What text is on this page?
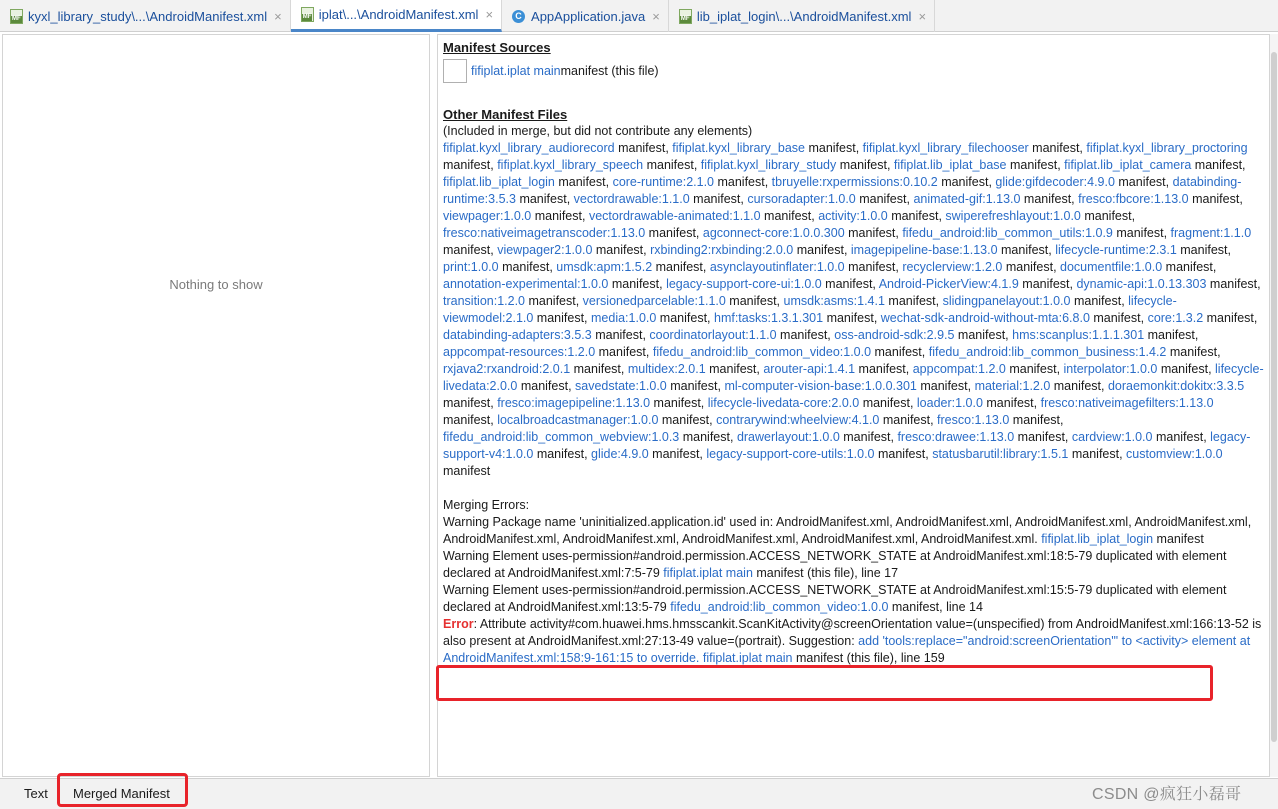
MF
kyxl_library_study\...\AndroidManifest.xml × MF	iplat\...\AndroidManifest.xml ×	C AppApplication.java × MF	lib_iplat_login\...\AndroidManifest.xml ×
Nothing to show
Manifest Sources
fifiplat.iplat main manifest (this file)
Other Manifest Files
(Included in merge, but did not contribute any elements)
fifiplat.kyxl_library_audiorecord manifest, fifiplat.kyxl_library_base manifest, fifiplat.kyxl_library_filechooser manifest, fifiplat.kyxl_library_proctoring manifest, fifiplat.kyxl_library_speech manifest, fifiplat.kyxl_library_study manifest, fifiplat.lib_iplat_base manifest, fifiplat.lib_iplat_camera manifest, fifiplat.lib_iplat_login manifest, core-runtime:2.1.0 manifest, tbruyelle:rxpermissions:0.10.2 manifest, glide:gifdecoder:4.9.0 manifest, databinding-runtime:3.5.3 manifest, vectordrawable:1.1.0 manifest, cursoradapter:1.0.0 manifest, animated-gif:1.13.0 manifest, fresco:fbcore:1.13.0 manifest, viewpager:1.0.0 manifest, vectordrawable-animated:1.1.0 manifest, activity:1.0.0 manifest, swiperefreshlayout:1.0.0 manifest, fresco:nativeimagetranscoder:1.13.0 manifest, agconnect-core:1.0.0.300 manifest, fifedu_android:lib_common_utils:1.0.9 manifest, fragment:1.1.0 manifest, viewpager2:1.0.0 manifest, rxbinding2:rxbinding:2.0.0 manifest, imagepipeline-base:1.13.0 manifest, lifecycle-runtime:2.3.1 manifest, print:1.0.0 manifest, umsdk:apm:1.5.2 manifest, asynclayoutinflater:1.0.0 manifest, recyclerview:1.2.0 manifest, documentfile:1.0.0 manifest, annotation-experimental:1.0.0 manifest, legacy-support-core-ui:1.0.0 manifest, Android-PickerView:4.1.9 manifest, dynamic-api:1.0.13.303 manifest, transition:1.2.0 manifest, versionedparcelable:1.1.0 manifest, umsdk:asms:1.4.1 manifest, slidingpanelayout:1.0.0 manifest, lifecycle-viewmodel:2.1.0 manifest, media:1.0.0 manifest, hmf:tasks:1.3.1.301 manifest, wechat-sdk-android-without-mta:6.8.0 manifest, core:1.3.2 manifest, databinding-adapters:3.5.3 manifest, coordinatorlayout:1.1.0 manifest, oss-android-sdk:2.9.5 manifest, hms:scanplus:1.1.1.301 manifest, appcompat-resources:1.2.0 manifest, fifedu_android:lib_common_video:1.0.0 manifest, fifedu_android:lib_common_business:1.4.2 manifest, rxjava2:rxandroid:2.0.1 manifest, multidex:2.0.1 manifest, arouter-api:1.4.1 manifest, appcompat:1.2.0 manifest, interpolator:1.0.0 manifest, lifecycle-livedata:2.0.0 manifest, savedstate:1.0.0 manifest, ml-computer-vision-base:1.0.0.301 manifest, material:1.2.0 manifest, doraemonkit:dokitx:3.3.5 manifest, fresco:imagepipeline:1.13.0 manifest, lifecycle-livedata-core:2.0.0 manifest, loader:1.0.0 manifest, fresco:nativeimagefilters:1.13.0 manifest, localbroadcastmanager:1.0.0 manifest, contrarywind:wheelview:4.1.0 manifest, fresco:1.13.0 manifest, fifedu_android:lib_common_webview:1.0.3 manifest, drawerlayout:1.0.0 manifest, fresco:drawee:1.13.0 manifest, cardview:1.0.0 manifest, legacy-support-v4:1.0.0 manifest, glide:4.9.0 manifest, legacy-support-core-utils:1.0.0 manifest, statusbarutil:library:1.5.1 manifest, customview:1.0.0 manifest
Merging Errors:
Warning Package name 'uninitialized.application.id' used in: AndroidManifest.xml, AndroidManifest.xml, AndroidManifest.xml, AndroidManifest.xml, AndroidManifest.xml, AndroidManifest.xml, AndroidManifest.xml, AndroidManifest.xml, AndroidManifest.xml. fifiplat.lib_iplat_login manifest
Warning Element uses-permission#android.permission.ACCESS_NETWORK_STATE at AndroidManifest.xml:18:5-79 duplicated with element declared at AndroidManifest.xml:7:5-79 fifiplat.iplat main manifest (this file), line 17
Warning Element uses-permission#android.permission.ACCESS_NETWORK_STATE at AndroidManifest.xml:15:5-79 duplicated with element declared at AndroidManifest.xml:13:5-79 fifedu_android:lib_common_video:1.0.0 manifest, line 14
Error: Attribute activity#com.huawei.hms.hmsscankit.ScanKitActivity@screenOrientation value=(unspecified) from AndroidManifest.xml:166:13-52 is also present at AndroidManifest.xml:27:13-49 value=(portrait). Suggestion: add 'tools:replace="android:screenOrientation"' to <activity> element at AndroidManifest.xml:158:9-161:15 to override. fifiplat.iplat main manifest (this file), line 159
Text Merged Manifest	CSDN @疯狂小磊哥
